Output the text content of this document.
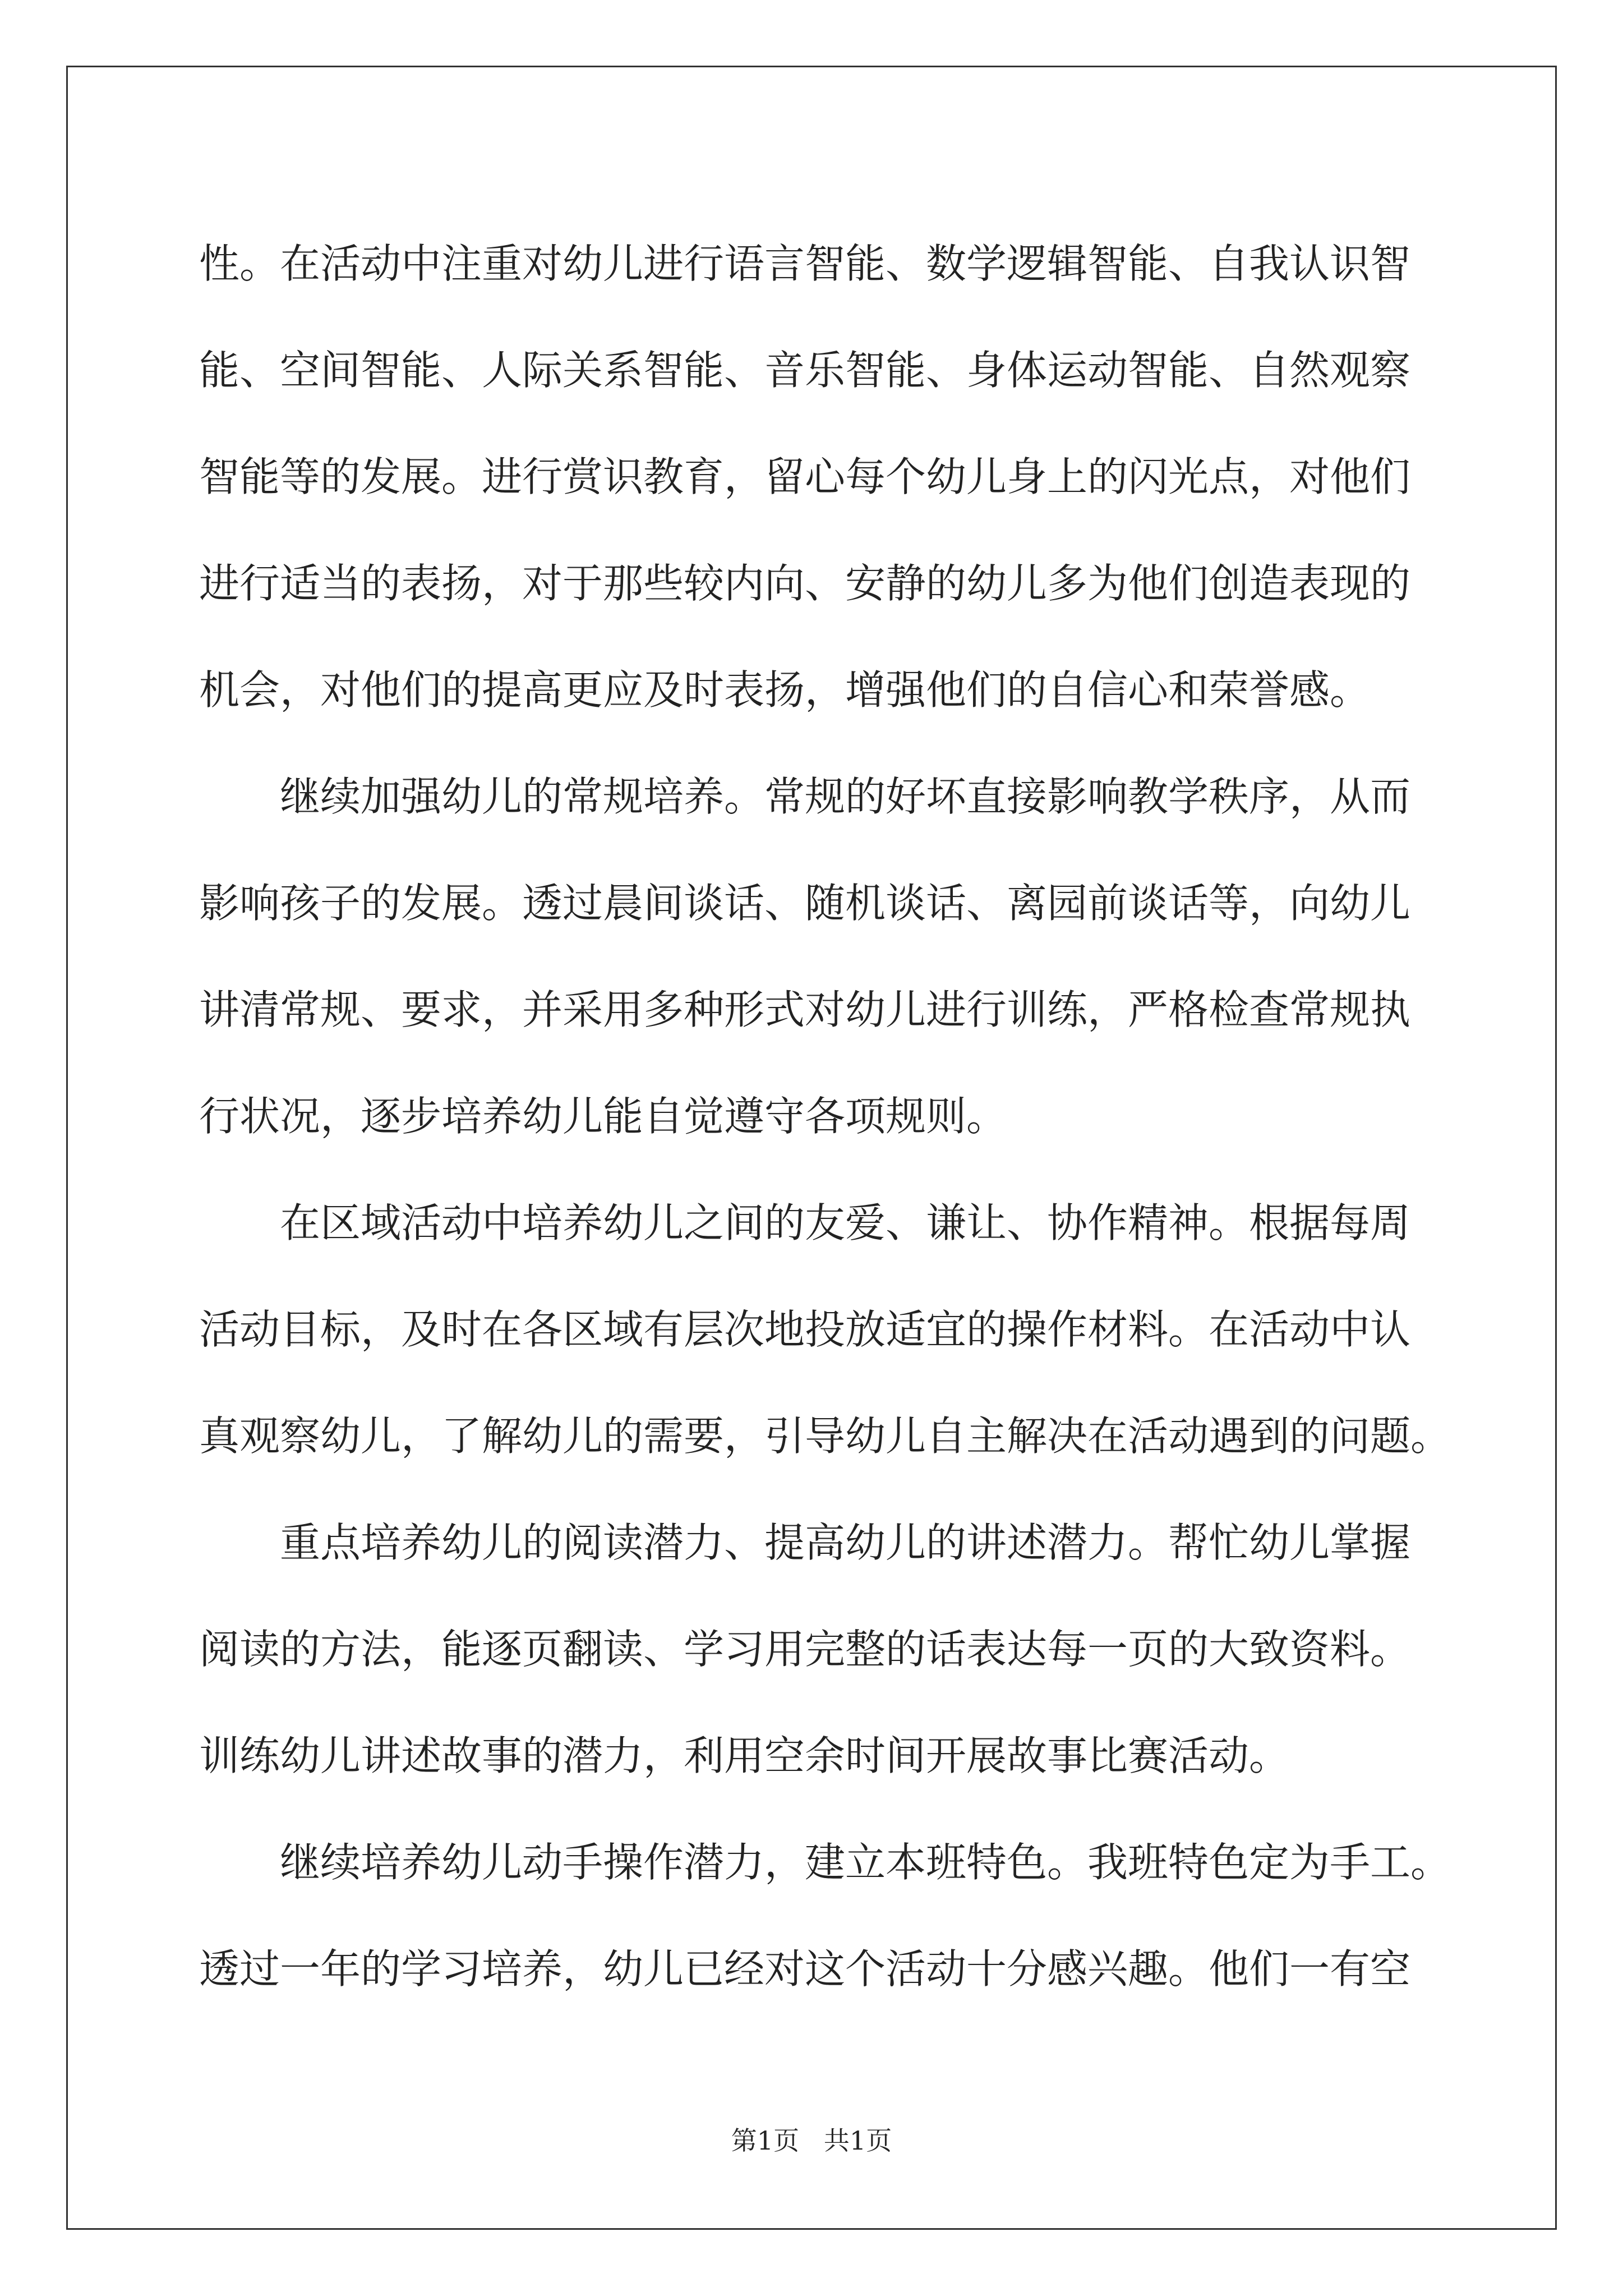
性。在活动中注重对幼儿进行语言智能、数学逻辑智能、自我认识智
能、空间智能、人际关系智能、音乐智能、身体运动智能、自然观察
智能等的发展。进行赏识教育，留心每个幼儿身上的闪光点，对他们
进行适当的表扬，对于那些较内向、安静的幼儿多为他们创造表现的
机会，对他们的提高更应及时表扬，增强他们的自信心和荣誉感。
继续加强幼儿的常规培养。常规的好坏直接影响教学秩序，从而
影响孩子的发展。透过晨间谈话、随机谈话、离园前谈话等，向幼儿
讲清常规、要求，并采用多种形式对幼儿进行训练，严格检查常规执
行状况，逐步培养幼儿能自觉遵守各项规则。
在区域活动中培养幼儿之间的友爱、谦让、协作精神。根据每周
活动目标，及时在各区域有层次地投放适宜的操作材料。在活动中认
真观察幼儿，了解幼儿的需要，引导幼儿自主解决在活动遇到的问题。
重点培养幼儿的阅读潜力、提高幼儿的讲述潜力。帮忙幼儿掌握
阅读的方法，能逐页翻读、学习用完整的话表达每一页的大致资料。
训练幼儿讲述故事的潜力，利用空余时间开展故事比赛活动。
继续培养幼儿动手操作潜力，建立本班特色。我班特色定为手工。
透过一年的学习培养，幼儿已经对这个活动十分感兴趣。他们一有空
第1页   共1页
